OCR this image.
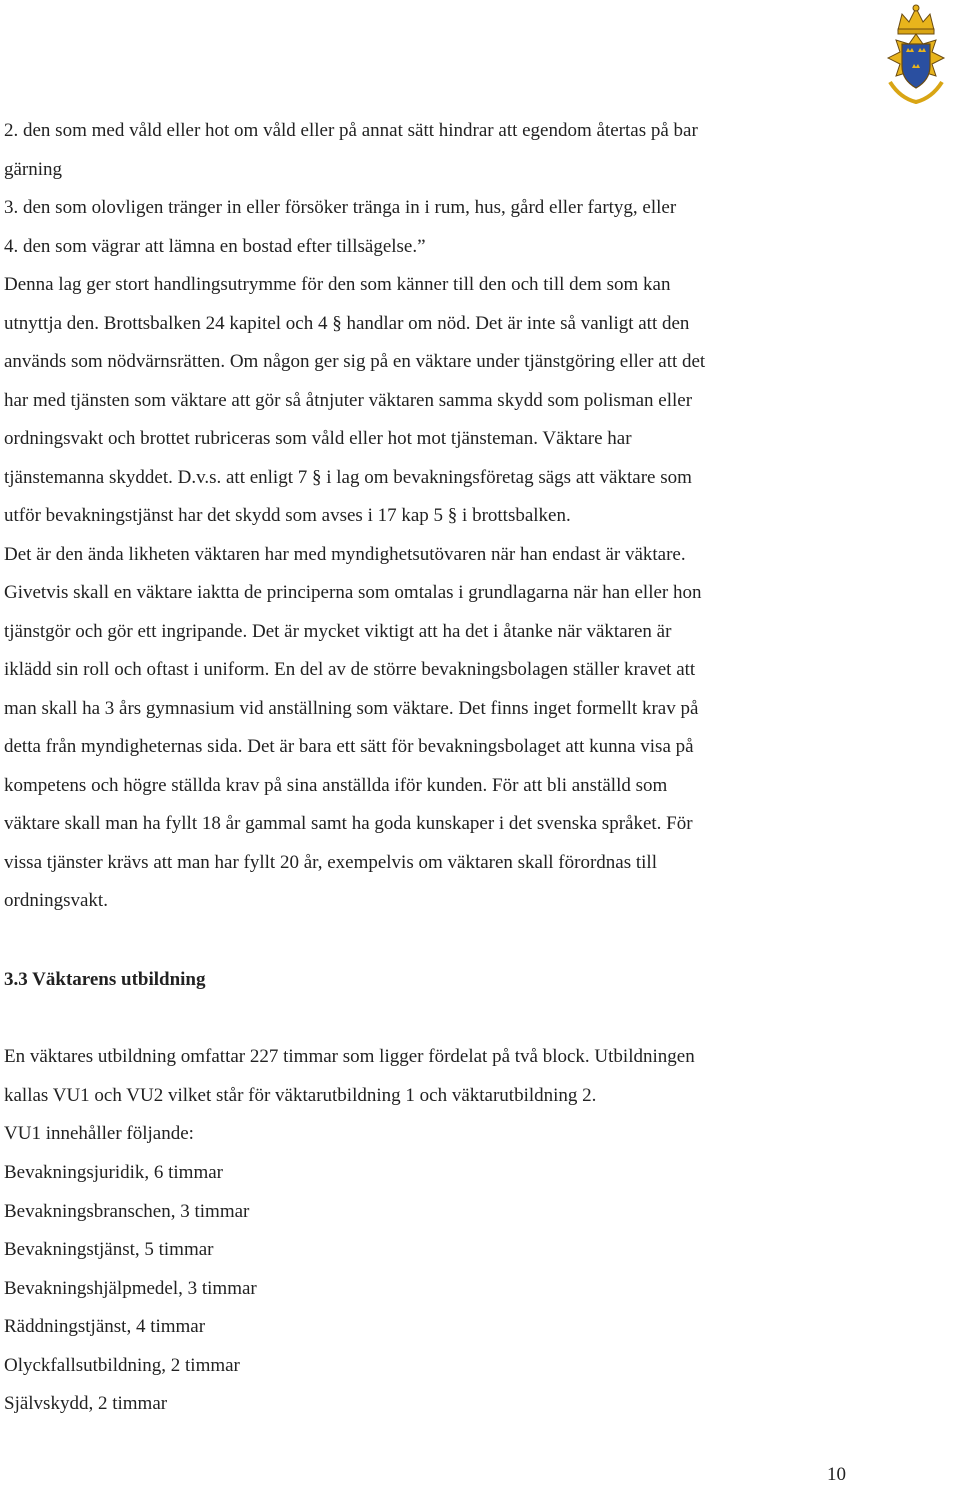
2. den som med våld eller hot om våld eller på annat sätt hindrar att egendom återtas på bar
gärning
3. den som olovligen tränger in eller försöker tränga in i rum, hus, gård eller fartyg, eller
4. den som vägrar att lämna en bostad efter tillsägelse.”
Denna lag ger stort handlingsutrymme för den som känner till den och till dem som kan
utnyttja den. Brottsbalken 24 kapitel och 4 § handlar om nöd. Det är inte så vanligt att den
används som nödvärnsrätten. Om någon ger sig på en väktare under tjänstgöring eller att det
har med tjänsten som väktare att gör så åtnjuter väktaren samma skydd som polisman eller
ordningsvakt och brottet rubriceras som våld eller hot mot tjänsteman. Väktare har
tjänstemanna skyddet. D.v.s. att enligt 7 § i lag om bevakningsföretag sägs att väktare som
utför bevakningstjänst har det skydd som avses i 17 kap 5 § i brottsbalken.
Det är den ända likheten väktaren har med myndighetsutövaren när han endast är väktare.
Givetvis skall en väktare iaktta de principerna som omtalas i grundlagarna när han eller hon
tjänstgör och gör ett ingripande. Det är mycket viktigt att ha det i åtanke när väktaren är
iklädd sin roll och oftast i uniform. En del av de större bevakningsbolagen ställer kravet att
man skall ha 3 års gymnasium vid anställning som väktare. Det finns inget formellt krav på
detta från myndigheternas sida. Det är bara ett sätt för bevakningsbolaget att kunna visa på
kompetens och högre ställda krav på sina anställda iför kunden. För att bli anställd som
väktare skall man ha fyllt 18 år gammal samt ha goda kunskaper i det svenska språket. För
vissa tjänster krävs att man har fyllt 20 år, exempelvis om väktaren skall förordnas till
ordningsvakt.

3.3 Väktarens utbildning

En väktares utbildning omfattar 227 timmar som ligger fördelat på två block. Utbildningen
kallas VU1 och VU2 vilket står för väktarutbildning 1 och väktarutbildning 2.
VU1 innehåller följande:

Bevakningsjuridik, 6 timmar
Bevakningsbranschen, 3 timmar
Bevakningstjänst, 5 timmar
Bevakningshjälpmedel, 3 timmar
Räddningstjänst, 4 timmar
Olyckfallsutbildning, 2 timmar
Självskydd, 2 timmar
10
